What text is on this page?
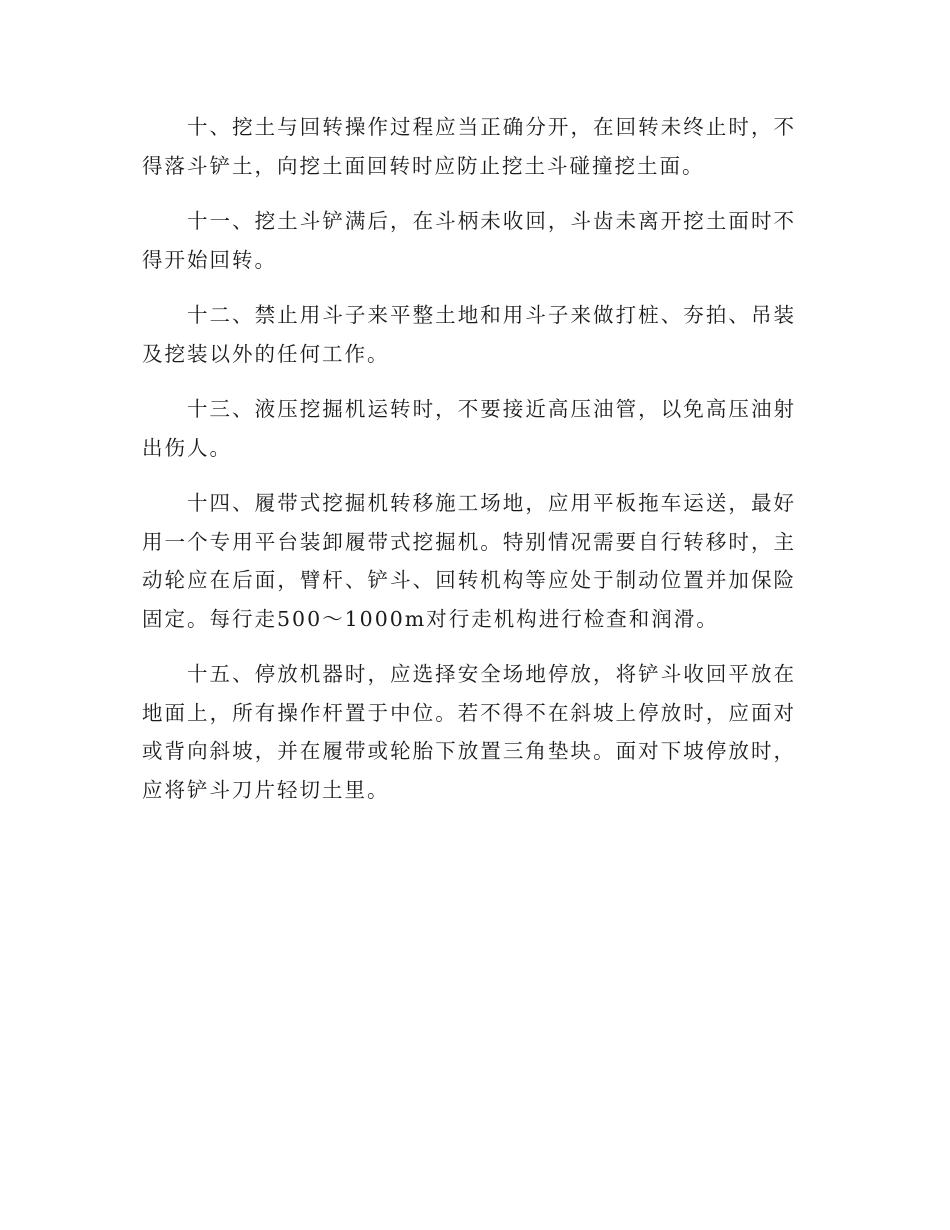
十、挖土与回转操作过程应当正确分开，在回转未终止时，不得落斗铲土，向挖土面回转时应防止挖土斗碰撞挖土面。

十一、挖土斗铲满后，在斗柄未收回，斗齿未离开挖土面时不得开始回转。

十二、禁止用斗子来平整土地和用斗子来做打桩、夯拍、吊装及挖装以外的任何工作。

十三、液压挖掘机运转时，不要接近高压油管，以免高压油射出伤人。

十四、履带式挖掘机转移施工场地，应用平板拖车运送，最好用一个专用平台装卸履带式挖掘机。特别情况需要自行转移时，主动轮应在后面，臂杆、铲斗、回转机构等应处于制动位置并加保险固定。每行走500～1000m对行走机构进行检查和润滑。

十五、停放机器时，应选择安全场地停放，将铲斗收回平放在地面上，所有操作杆置于中位。若不得不在斜坡上停放时，应面对或背向斜坡，并在履带或轮胎下放置三角垫块。面对下坡停放时，应将铲斗刀片轻切土里。
